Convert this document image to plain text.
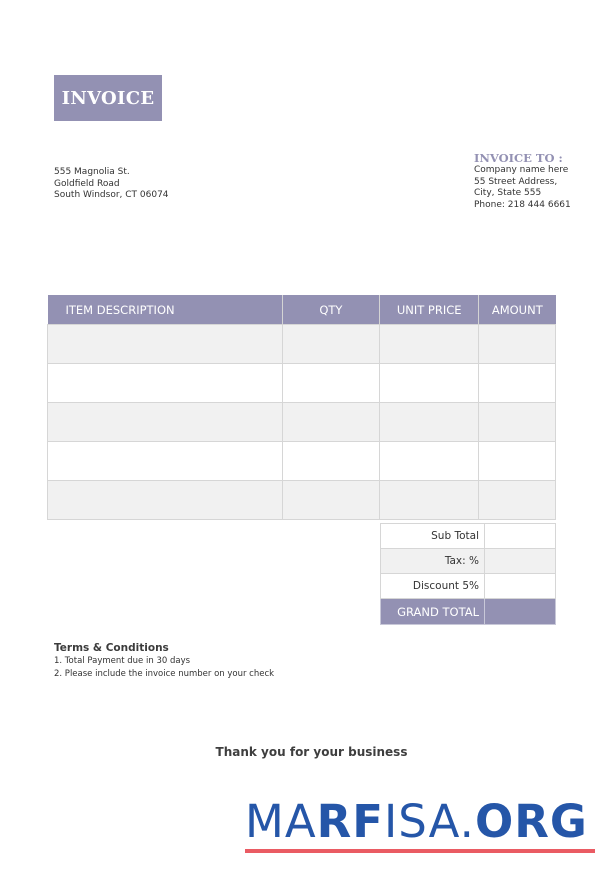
INVOICE
555 Magnolia St.
Goldfield Road
South Windsor, CT 06074
INVOICE TO :
Company name here
55 Street Address,
City, State 555
Phone: 218 444 6661
ITEM DESCRIPTION	QTY	UNIT PRICE	AMOUNT

Sub Total	
Tax: %	
Discount 5%	
GRAND TOTAL	
Terms & Conditions
1. Total Payment due in 30 days
2. Please include the invoice number on your check
Thank you for your business
MARFISA.ORG
